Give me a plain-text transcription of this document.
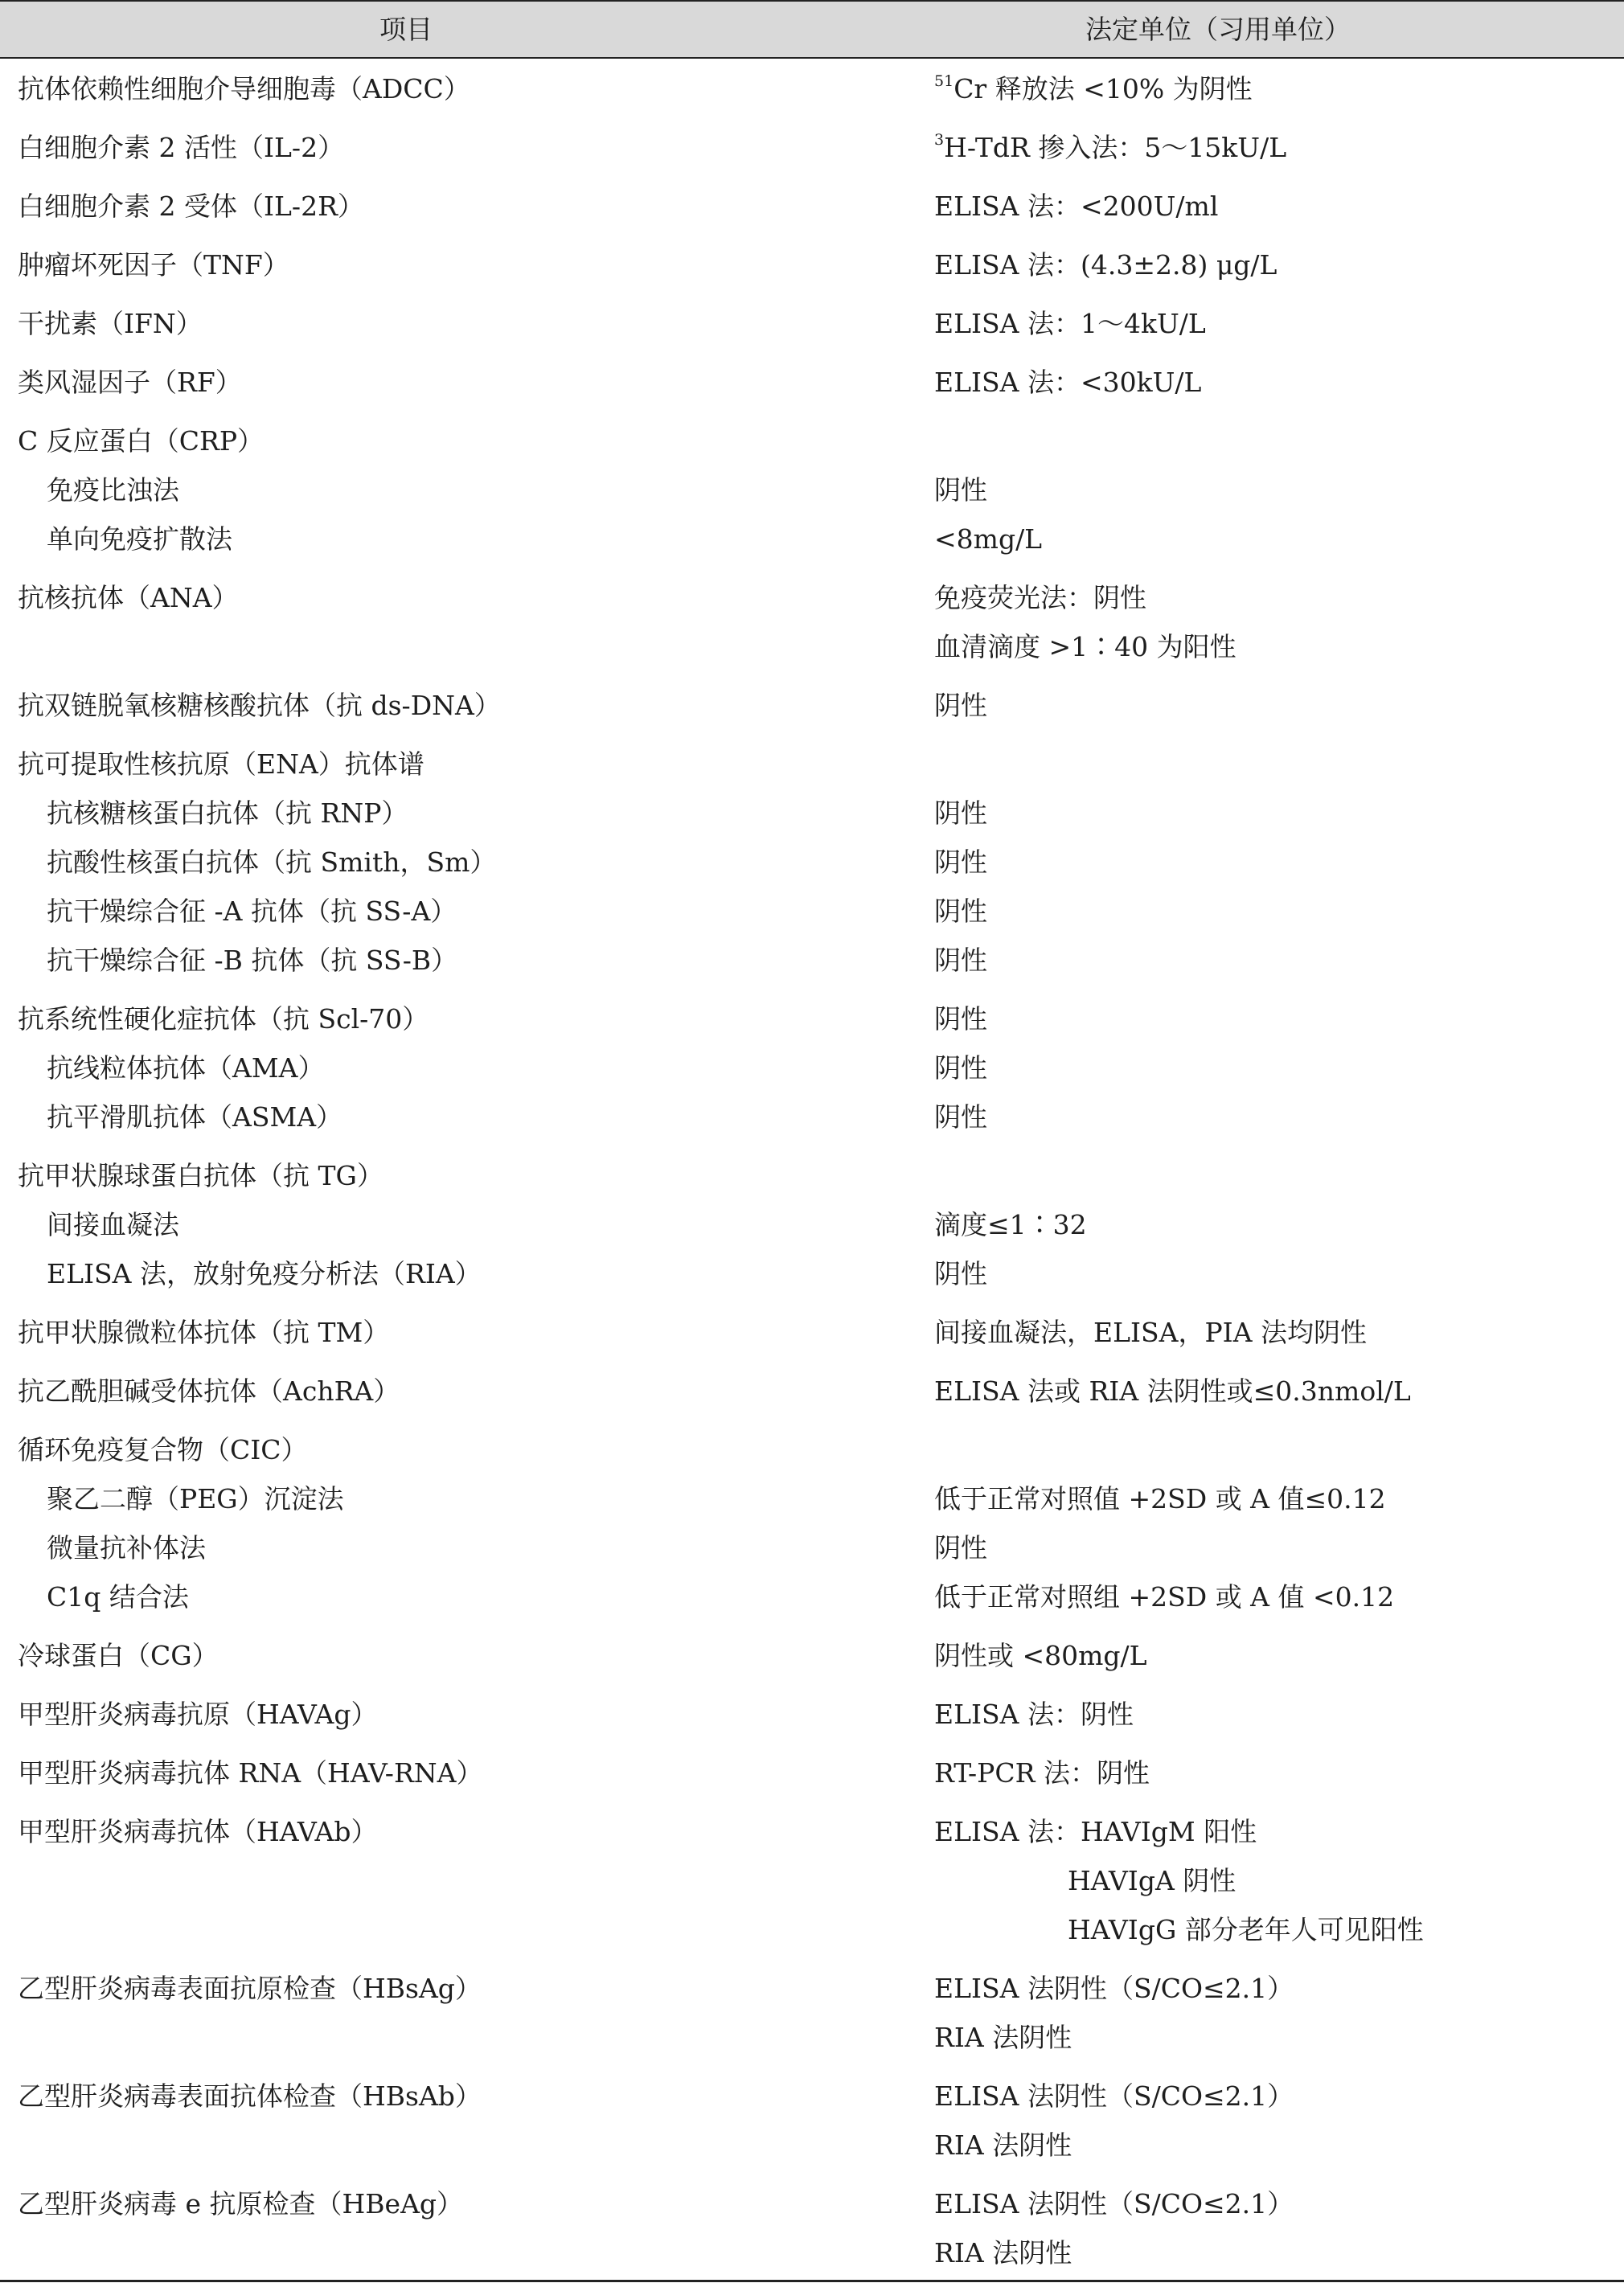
项目	法定单位（习用单位）
抗体依赖性细胞介导细胞毒（ADCC）	$^{51}$Cr 释放法 <10% 为阴性
白细胞介素 2 活性（IL-2）	$^3$H-TdR 掺入法：5～15kU/L
白细胞介素 2 受体（IL-2R）	ELISA 法：<200U/ml
肿瘤坏死因子（TNF）	ELISA 法：(4.3±2.8) μg/L
干扰素（IFN）	ELISA 法：1～4kU/L
类风湿因子（RF）	ELISA 法：<30kU/L
C 反应蛋白（CRP）
免疫比浊法	阴性
单向免疫扩散法	<8mg/L
抗核抗体（ANA）	免疫荧光法：阴性
血清滴度 >1∶40 为阳性
抗双链脱氧核糖核酸抗体（抗 ds-DNA）	阴性
抗可提取性核抗原（ENA）抗体谱
抗核糖核蛋白抗体（抗 RNP）	阴性
抗酸性核蛋白抗体（抗 Smith，Sm）	阴性
抗干燥综合征 -A 抗体（抗 SS-A）	阴性
抗干燥综合征 -B 抗体（抗 SS-B）	阴性
抗系统性硬化症抗体（抗 Scl-70）	阴性
抗线粒体抗体（AMA）	阴性
抗平滑肌抗体（ASMA）	阴性
抗甲状腺球蛋白抗体（抗 TG）
间接血凝法	滴度≤1∶32
ELISA 法，放射免疫分析法（RIA）	阴性
抗甲状腺微粒体抗体（抗 TM）	间接血凝法，ELISA，PIA 法均阴性
抗乙酰胆碱受体抗体（AchRA）	ELISA 法或 RIA 法阴性或≤0.3nmol/L
循环免疫复合物（CIC）
聚乙二醇（PEG）沉淀法	低于正常对照值 +2SD 或 A 值≤0.12
微量抗补体法	阴性
C1q 结合法	低于正常对照组 +2SD 或 A 值 <0.12
冷球蛋白（CG）	阴性或 <80mg/L
甲型肝炎病毒抗原（HAVAg）	ELISA 法：阴性
甲型肝炎病毒抗体 RNA（HAV-RNA）	RT-PCR 法：阴性
甲型肝炎病毒抗体（HAVAb）	ELISA 法：HAVIgM 阳性
HAVIgA 阴性
HAVIgG 部分老年人可见阳性
乙型肝炎病毒表面抗原检查（HBsAg）	ELISA 法阴性（S/CO≤2.1）
RIA 法阴性
乙型肝炎病毒表面抗体检查（HBsAb）	ELISA 法阴性（S/CO≤2.1）
RIA 法阴性
乙型肝炎病毒 e 抗原检查（HBeAg）	ELISA 法阴性（S/CO≤2.1）
RIA 法阴性
